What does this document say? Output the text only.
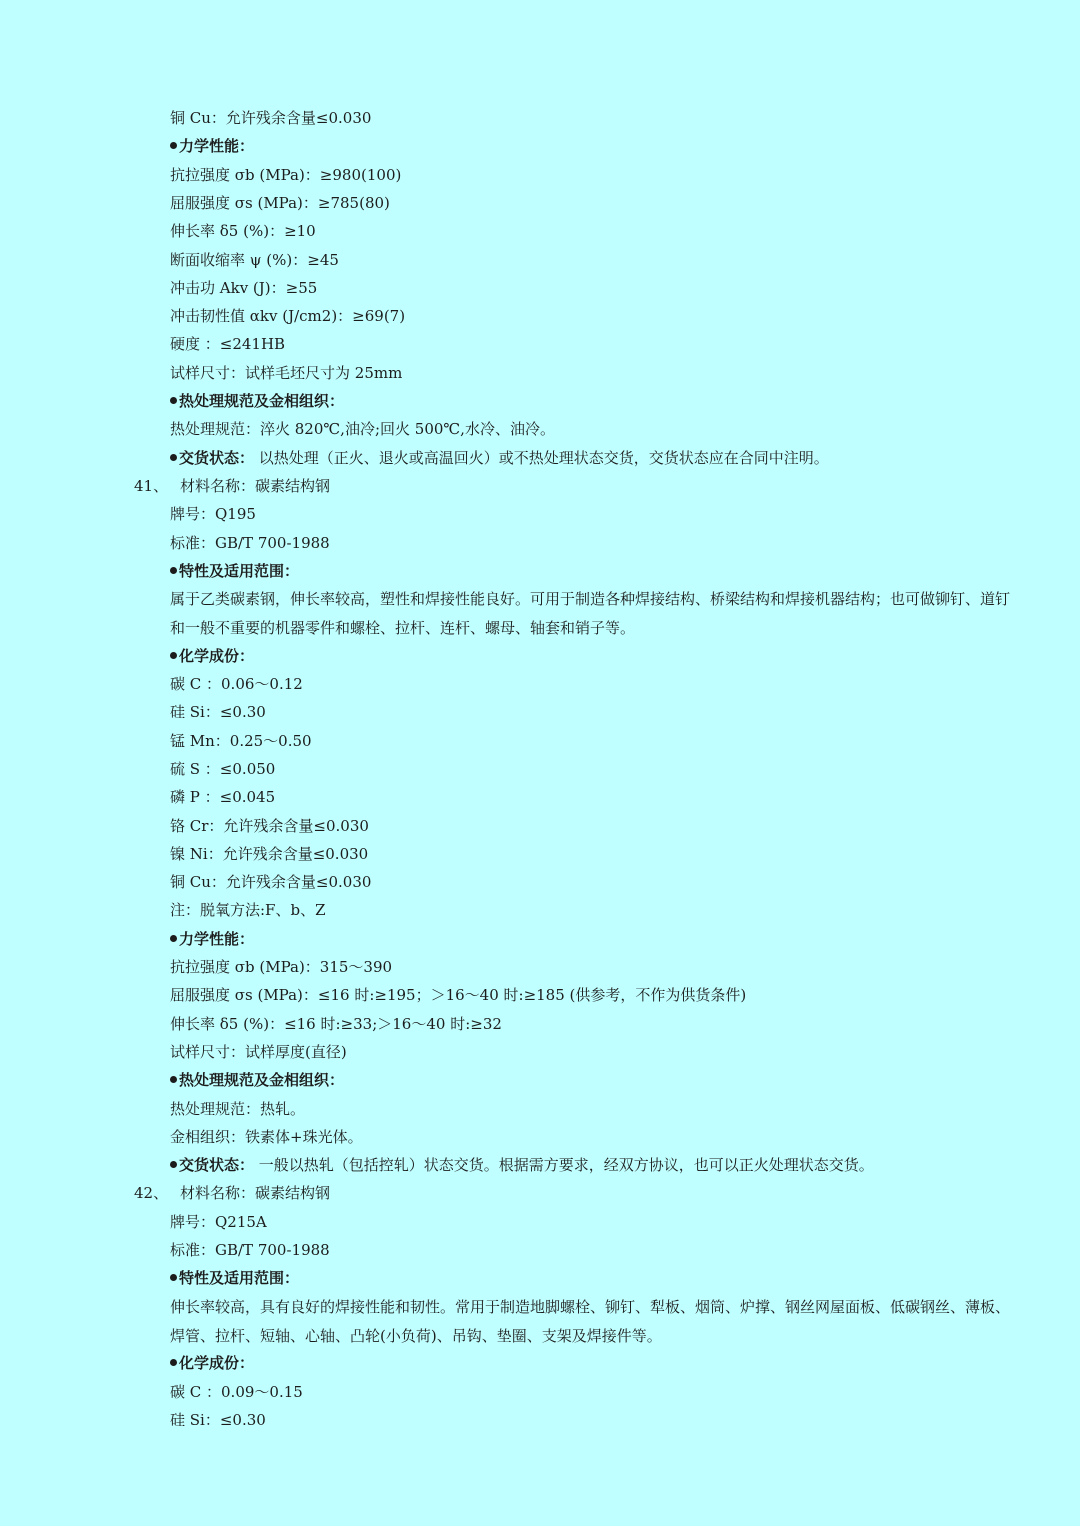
铜 Cu：允许残余含量≤0.030
力学性能：
抗拉强度 σb (MPa)：≥980(100)
屈服强度 σs (MPa)：≥785(80)
伸长率 δ5 (%)：≥10
断面收缩率 ψ (%)：≥45
冲击功 Akv (J)：≥55
冲击韧性值 αkv (J/cm2)：≥69(7)
硬度 ：≤241HB
试样尺寸：试样毛坯尺寸为 25mm
热处理规范及金相组织：
热处理规范：淬火 820℃,油冷;回火 500℃,水冷、油冷。
交货状态： 以热处理（正火、退火或高温回火）或不热处理状态交货，交货状态应在合同中注明。
41、 材料名称：碳素结构钢
牌号：Q195
标准：GB/T 700-1988
特性及适用范围：
属于乙类碳素钢，伸长率较高，塑性和焊接性能良好。可用于制造各种焊接结构、桥梁结构和焊接机器结构；也可做铆钉、道钉和一般不重要的机器零件和螺栓、拉杆、连杆、螺母、轴套和销子等。
化学成份：
碳 C ：0.06～0.12
硅 Si：≤0.30
锰 Mn：0.25～0.50
硫 S ：≤0.050
磷 P ：≤0.045
铬 Cr：允许残余含量≤0.030
镍 Ni：允许残余含量≤0.030
铜 Cu：允许残余含量≤0.030
注：脱氧方法:F、b、Z
力学性能：
抗拉强度 σb (MPa)：315～390
屈服强度 σs (MPa)：≤16 时:≥195；＞16～40 时:≥185 (供参考，不作为供货条件)
伸长率 δ5 (%)：≤16 时:≥33;＞16～40 时:≥32
试样尺寸：试样厚度(直径)
热处理规范及金相组织：
热处理规范：热轧。
金相组织：铁素体+珠光体。
交货状态： 一般以热轧（包括控轧）状态交货。根据需方要求，经双方协议，也可以正火处理状态交货。
42、 材料名称：碳素结构钢
牌号：Q215A
标准：GB/T 700-1988
特性及适用范围：
伸长率较高，具有良好的焊接性能和韧性。常用于制造地脚螺栓、铆钉、犁板、烟筒、炉撑、钢丝网屋面板、低碳钢丝、薄板、焊管、拉杆、短轴、心轴、凸轮(小负荷)、吊钩、垫圈、支架及焊接件等。
化学成份：
碳 C ：0.09～0.15
硅 Si：≤0.30
